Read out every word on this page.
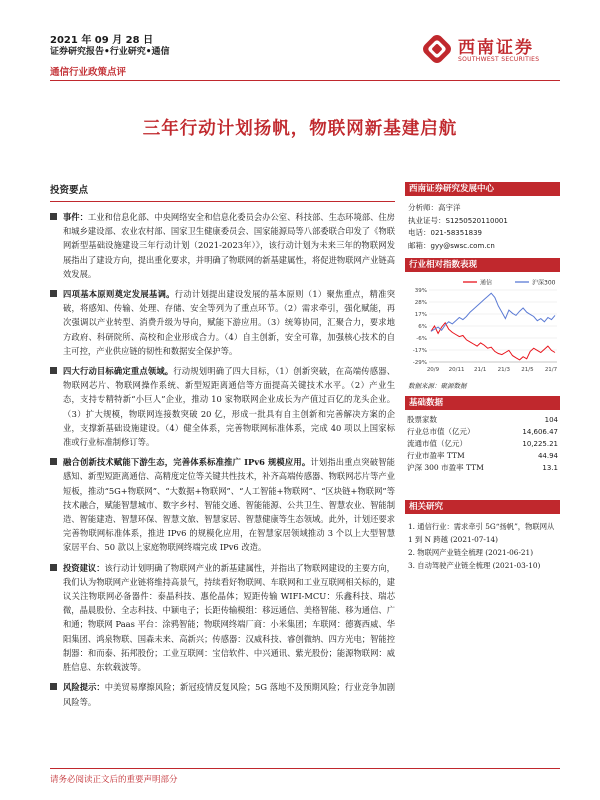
2021 年 09 月 28 日
证券研究报告•行业研究•通信
通信行业政策点评
西南证券
SOUTHWEST SECURITIES
三年行动计划扬帆，物联网新基建启航
投资要点
事件：工业和信息化部、中央网络安全和信息化委员会办公室、科技部、生态环境部、住房和城乡建设部、农业农村部、国家卫生健康委员会、国家能源局等八部委联合印发了《物联网新型基础设施建设三年行动计划（2021-2023年）》，该行动计划为未来三年的物联网发展指出了建设方向，提出重化要求，并明确了物联网的新基建属性，将促进物联网产业链高效发展。
四项基本原则奠定发展基调。行动计划提出建设发展的基本原则（1）聚焦重点，精准突破，将感知、传输、处理、存储、安全等列为了重点环节。（2）需求牵引，强化赋能，再次强调以产业转型、消费升级为导向，赋能下游应用。（3）统筹协同，汇聚合力，要求地方政府、科研院所、高校和企业形成合力。（4）自主创新，安全可靠，加强核心技术的自主可控，产业供应链的韧性和数据安全保护等。
四大行动目标确定重点领域。行动规划明确了四大目标，（1）创新突破，在高端传感器、物联网芯片、物联网操作系统、新型短距离通信等方面提高关键技术水平。（2）产业生态，支持专精特新“小巨人”企业，推动 10 家物联网企业成长为产值过百亿的龙头企业。（3）扩大规模，物联网连接数突破 20 亿，形成一批具有自主创新和完善解决方案的企业，支撑新基础设施建设。（4）健全体系，完善物联网标准体系，完成 40 项以上国家标准或行业标准制修订等。
融合创新技术赋能下游生态，完善体系标准推广 IPv6 规模应用。计划指出重点突破智能感知、新型短距离通信、高精度定位等关键共性技术，补齐高端传感器、物联网芯片等产业短板，推动“5G+物联网”、“大数据+物联网”、“人工智能+物联网”、“区块链+物联网”等技术融合，赋能智慧城市、数字乡村、智能交通、智能能源、公共卫生、智慧农业、智能制造、智能建造、智慧环保、智慧文旅、智慧家居、智慧健康等生态领域。此外，计划还要求完善物联网标准体系，推进 IPv6 的规模化应用，在智慧家居领域推动 3 个以上大型智慧家居平台、50 款以上家庭物联网终端完成 IPv6 改造。
投资建议：该行动计划明确了物联网产业的新基建属性，并指出了物联网建设的主要方向，我们认为物联网产业链将维持高景气，持续看好物联网、车联网和工业互联网相关标的，建议关注物联网必备器件：泰晶科技、惠伦晶体；短距传输 WIFI-MCU：乐鑫科技、瑞芯微，晶晨股份、全志科技、中颖电子；长距传输模组：移远通信、美格智能、移为通信、广和通；物联网 Paas 平台：涂鸦智能；物联网终端厂商：小米集团；车联网：德赛西威、华阳集团、鸿泉物联、国森未来、高新兴；传感器：汉威科技、睿创微纳、四方光电；智能控制器：和而泰、拓邦股份；工业互联网：宝信软件、中兴通讯、紫光股份；能源物联网：威胜信息、东软载波等。
风险提示：中美贸易摩擦风险；新冠疫情反复风险；5G 落地不及预期风险；行业竞争加剧风险等。
西南证券研究发展中心
分析师：高宇洋
执业证号：S1250520110001
电话：021-58351839
邮箱：gyy@swsc.com.cn
行业相对指数表现
通信	沪深300
39%
28%
17%
6%
-6%
-17%
-29%
20/9 20/11 21/1 21/3 21/5 21/7
数据来源：聚源数据
基础数据
股票家数	104
行业总市值（亿元）	14,606.47
流通市值（亿元）	10,225.21
行业市盈率 TTM	44.94
沪深 300 市盈率 TTM	13.1
相关研究
1. 通信行业：需求牵引 5G“扬帆”，物联网从 1 到 N 跨越 (2021-07-14)
2. 物联网产业链全梳理 (2021-06-21)
3. 自动驾驶产业链全梳理 (2021-03-10)
请务必阅读正文后的重要声明部分
